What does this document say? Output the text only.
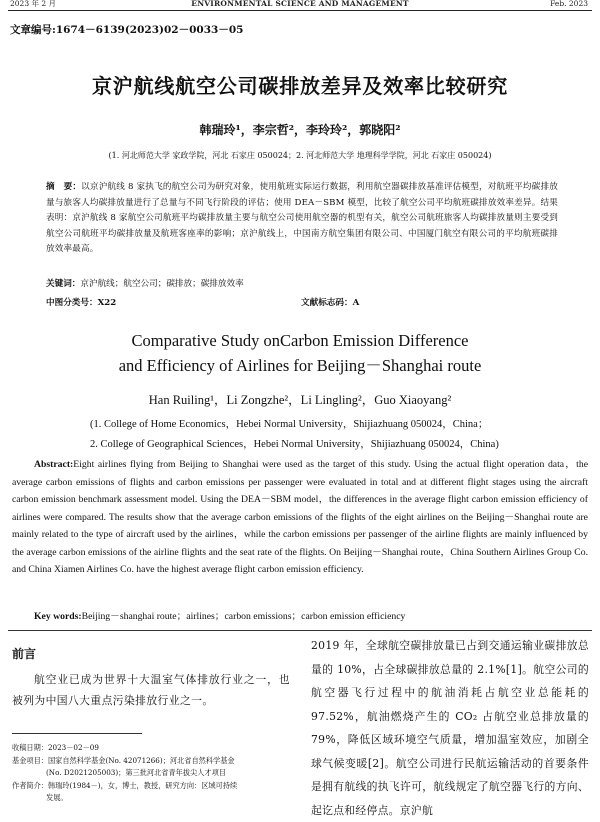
2023 年 2 月	ENVIRONMENTAL SCIENCE AND MANAGEMENT	Feb. 2023
文章编号:1674－6139(2023)02－0033－05
京沪航线航空公司碳排放差异及效率比较研究
韩瑞玲¹，李宗哲²，李玲玲²，郭晓阳²
(1. 河北师范大学 家政学院，河北 石家庄 050024；2. 河北师范大学 地理科学学院，河北 石家庄 050024)
摘　要：以京沪航线 8 家执飞的航空公司为研究对象，使用航班实际运行数据，利用航空器碳排放基准评估模型，对航班平均碳排放量与旅客人均碳排放量进行了总量与不同飞行阶段的评估；使用 DEA－SBM 模型，比较了航空公司平均航班碳排放效率差异。结果表明：京沪航线 8 家航空公司航班平均碳排放量主要与航空公司使用航空器的机型有关，航空公司航班旅客人均碳排放量则主要受到航空公司航班平均碳排放量及航班客座率的影响；京沪航线上，中国南方航空集团有限公司、中国厦门航空有限公司的平均航班碳排放效率最高。
关键词：京沪航线；航空公司；碳排放；碳排放效率
中图分类号：X22	文献标志码：A
Comparative Study onCarbon Emission Difference
and Efficiency of Airlines for Beijing－Shanghai route
Han Ruiling¹，Li Zongzhe²，Li Lingling²，Guo Xiaoyang²
(1. College of Home Economics，Hebei Normal University，Shijiazhuang 050024，China；
2. College of Geographical Sciences，Hebei Normal University，Shijiazhuang 050024，China)
Abstract:Eight airlines flying from Beijing to Shanghai were used as the target of this study. Using the actual flight operation data，the average carbon emissions of flights and carbon emissions per passenger were evaluated in total and at different flight stages using the aircraft carbon emission benchmark assessment model. Using the DEA－SBM model，the differences in the average flight carbon emission efficiency of airlines were compared. The results show that the average carbon emissions of the flights of the eight airlines on the Beijing－Shanghai route are mainly related to the type of aircraft used by the airlines，while the carbon emissions per passenger of the airline flights are mainly influenced by the average carbon emissions of the airline flights and the seat rate of the flights. On Beijing－Shanghai route，China Southern Airlines Group Co. and China Xiamen Airlines Co. have the highest average flight carbon emission efficiency.
Key words:Beijing－shanghai route；airlines；carbon emissions；carbon emission efficiency
前言
航空业已成为世界十大温室气体排放行业之一，也被列为中国八大重点污染排放行业之一。
收稿日期：2023－02－09
基金项目：国家自然科学基金(No. 42071266)；河北省自然科学基金
(No. D2021205003)；第三批河北省青年拔尖人才项目
作者简介：韩瑞玲(1984－)，女，博士，教授，研究方向：区域可持续
发展。
2019 年，全球航空碳排放量已占到交通运输业碳排放总量的 10%，占全球碳排放总量的 2.1%[1]。航空公司的航空器飞行过程中的航油消耗占航空业总能耗的 97.52%，航油燃烧产生的 CO₂ 占航空业总排放量的 79%，降低区域环境空气质量，增加温室效应，加剧全球气候变暖[2]。航空公司进行民航运输活动的首要条件是拥有航线的执飞许可，航线规定了航空器飞行的方向、起讫点和经停点。京沪航
